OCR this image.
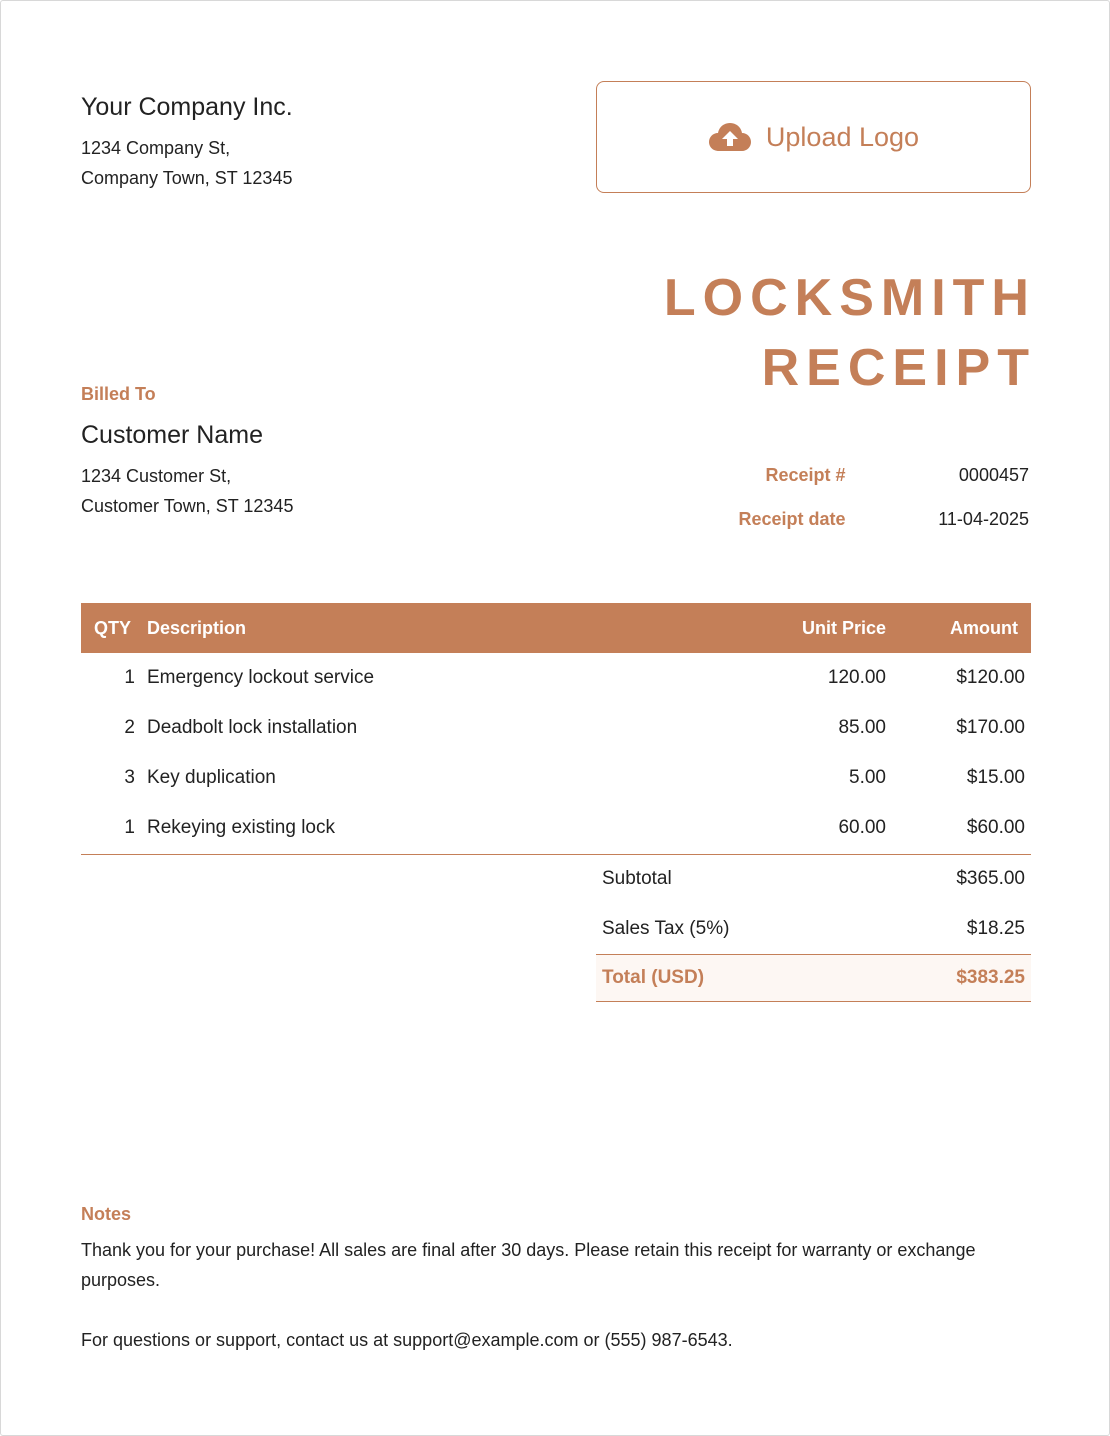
Your Company Inc.
1234 Company St,
Company Town, ST 12345
Upload Logo
LOCKSMITH
RECEIPT
Billed To
Customer Name
1234 Customer St,
Customer Town, ST 12345
Receipt #	0000457
Receipt date	11-04-2025
QTY Description	Unit Price	Amount
1 Emergency lockout service	120.00	$120.00
2 Deadbolt lock installation	85.00	$170.00
3 Key duplication	5.00	$15.00
1 Rekeying existing lock	60.00	$60.00
Subtotal	$365.00
Sales Tax (5%)	$18.25
Total (USD)	$383.25
Notes
Thank you for your purchase! All sales are final after 30 days. Please retain this receipt for warranty or exchange purposes.
For questions or support, contact us at support@example.com or (555) 987-6543.
